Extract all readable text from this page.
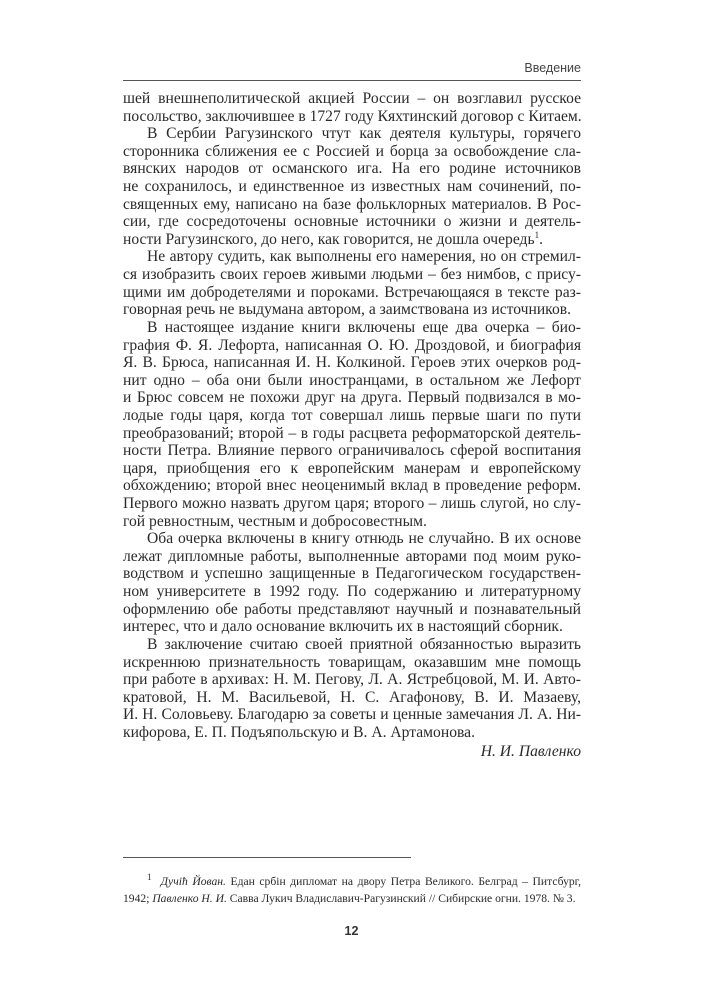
Введение
шей внешнеполитической акцией России – он возглавил русское
посольство, заключившее в 1727 году Кяхтинский договор с Китаем.
В Сербии Рагузинского чтут как деятеля культуры, горячего
сторонника сближения ее с Россией и борца за освобождение сла-
вянских народов от османского ига. На его родине источников
не сохранилось, и единственное из известных нам сочинений, по-
священных ему, написано на базе фольклорных материалов. В Рос-
сии, где сосредоточены основные источники о жизни и деятель-
ности Рагузинского, до него, как говорится, не дошла очередь$^1$.
Не автору судить, как выполнены его намерения, но он стремил-
ся изобразить своих героев живыми людьми – без нимбов, с прису-
щими им добродетелями и пороками. Встречающаяся в тексте раз-
говорная речь не выдумана автором, а заимствована из источников.
В настоящее издание книги включены еще два очерка – био-
графия Ф. Я. Лефорта, написанная О. Ю. Дроздовой, и биография
Я. В. Брюса, написанная И. Н. Колкиной. Героев этих очерков род-
нит одно – оба они были иностранцами, в остальном же Лефорт
и Брюс совсем не похожи друг на друга. Первый подвизался в мо-
лодые годы царя, когда тот совершал лишь первые шаги по пути
преобразований; второй – в годы расцвета реформаторской деятель-
ности Петра. Влияние первого ограничивалось сферой воспитания
царя, приобщения его к европейским манерам и европейскому
обхождению; второй внес неоценимый вклад в проведение реформ.
Первого можно назвать другом царя; второго – лишь слугой, но слу-
гой ревностным, честным и добросовестным.
Оба очерка включены в книгу отнюдь не случайно. В их основе
лежат дипломные работы, выполненные авторами под моим руко-
водством и успешно защищенные в Педагогическом государствен-
ном университете в 1992 году. По содержанию и литературному
оформлению обе работы представляют научный и познавательный
интерес, что и дало основание включить их в настоящий сборник.
В заключение считаю своей приятной обязанностью выразить
искреннюю признательность товарищам, оказавшим мне помощь
при работе в архивах: Н. М. Пегову, Л. А. Ястребцовой, М. И. Авто-
кратовой, Н. М. Васильевой, Н. С. Агафонову, В. И. Мазаеву,
И. Н. Соловьеву. Благодарю за советы и ценные замечания Л. А. Ни-
кифорова, Е. П. Подъяпольскую и В. А. Артамонова.
Н. И. Павленко
$^1$ Дучiћ Йован. Едан србiн дипломат на двору Петра Великого. Белград – Питсбург,
1942; Павленко Н. И. Савва Лукич Владиславич-Рагузинский // Сибирские огни. 1978. № 3.
12
